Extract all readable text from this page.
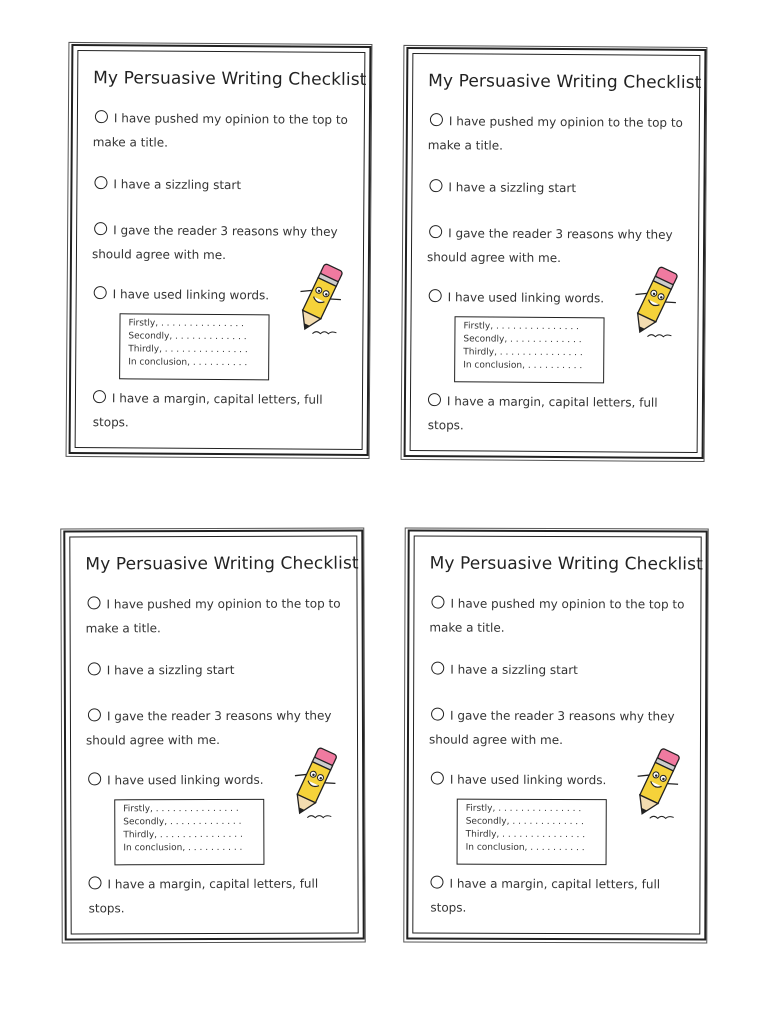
My Persuasive Writing Checklist
I have pushed my opinion to the top to
make a title.
I have a sizzling start
I gave the reader 3 reasons why they
should agree with me.
I have used linking words.
Firstly, . . . . . . . . . . . . . . .
Secondly, . . . . . . . . . . . . .
Thirdly, . . . . . . . . . . . . . . .
In conclusion, . . . . . . . . . .
I have a margin, capital letters, full stops.
My Persuasive Writing Checklist
I have pushed my opinion to the top to
make a title.
I have a sizzling start
I gave the reader 3 reasons why they
should agree with me.
I have used linking words.
Firstly, . . . . . . . . . . . . . . .
Secondly, . . . . . . . . . . . . .
Thirdly, . . . . . . . . . . . . . . .
In conclusion, . . . . . . . . . .
I have a margin, capital letters, full stops.
My Persuasive Writing Checklist
I have pushed my opinion to the top to
make a title.
I have a sizzling start
I gave the reader 3 reasons why they
should agree with me.
I have used linking words.
Firstly, . . . . . . . . . . . . . . .
Secondly, . . . . . . . . . . . . .
Thirdly, . . . . . . . . . . . . . . .
In conclusion, . . . . . . . . . .
I have a margin, capital letters, full stops.
My Persuasive Writing Checklist
I have pushed my opinion to the top to
make a title.
I have a sizzling start
I gave the reader 3 reasons why they
should agree with me.
I have used linking words.
Firstly, . . . . . . . . . . . . . . .
Secondly, . . . . . . . . . . . . .
Thirdly, . . . . . . . . . . . . . . .
In conclusion, . . . . . . . . . .
I have a margin, capital letters, full stops.
